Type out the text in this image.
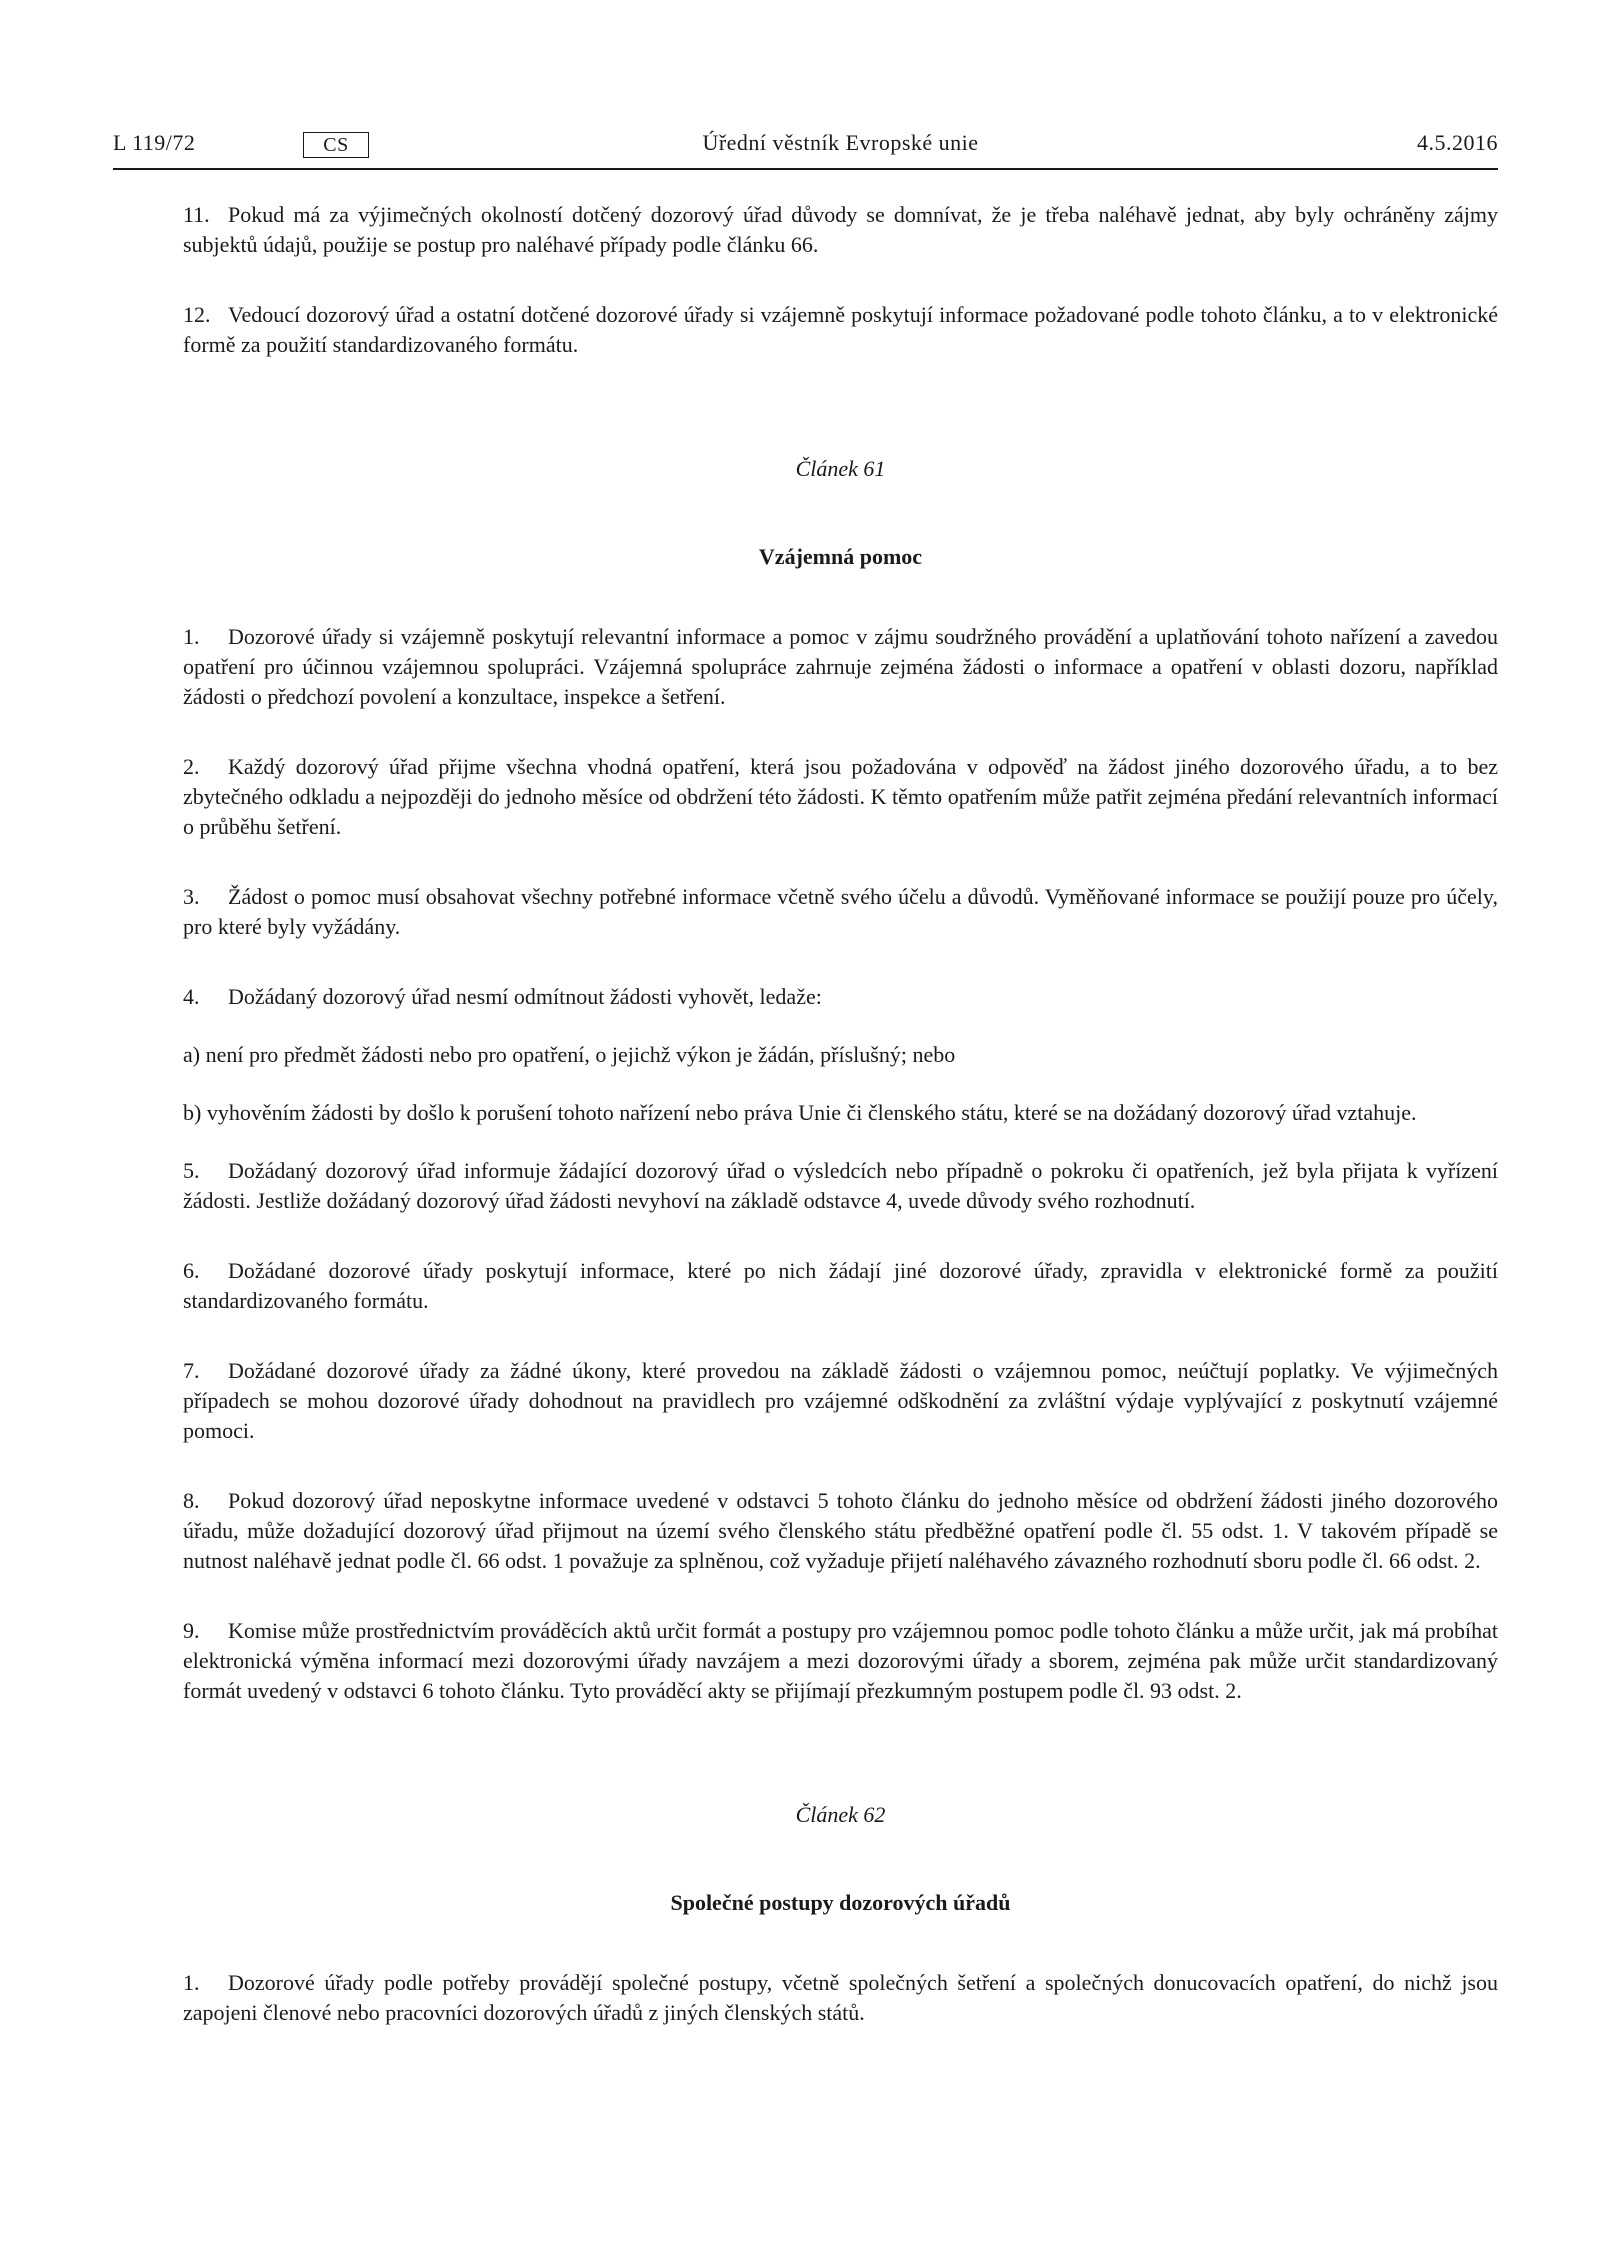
L 119/72	CS	Úřední věstník Evropské unie	4.5.2016

11. Pokud má za výjimečných okolností dotčený dozorový úřad důvody se domnívat, že je třeba naléhavě jednat, aby byly ochráněny zájmy subjektů údajů, použije se postup pro naléhavé případy podle článku 66.

12. Vedoucí dozorový úřad a ostatní dotčené dozorové úřady si vzájemně poskytují informace požadované podle tohoto článku, a to v elektronické formě za použití standardizovaného formátu.

Článek 61

Vzájemná pomoc

1. Dozorové úřady si vzájemně poskytují relevantní informace a pomoc v zájmu soudržného provádění a uplatňování tohoto nařízení a zavedou opatření pro účinnou vzájemnou spolupráci. Vzájemná spolupráce zahrnuje zejména žádosti o informace a opatření v oblasti dozoru, například žádosti o předchozí povolení a konzultace, inspekce a šetření.

2. Každý dozorový úřad přijme všechna vhodná opatření, která jsou požadována v odpověď na žádost jiného dozorového úřadu, a to bez zbytečného odkladu a nejpozději do jednoho měsíce od obdržení této žádosti. K těmto opatřením může patřit zejména předání relevantních informací o průběhu šetření.

3. Žádost o pomoc musí obsahovat všechny potřebné informace včetně svého účelu a důvodů. Vyměňované informace se použijí pouze pro účely, pro které byly vyžádány.

4. Dožádaný dozorový úřad nesmí odmítnout žádosti vyhovět, ledaže:

a) není pro předmět žádosti nebo pro opatření, o jejichž výkon je žádán, příslušný; nebo

b) vyhověním žádosti by došlo k porušení tohoto nařízení nebo práva Unie či členského státu, které se na dožádaný dozorový úřad vztahuje.

5. Dožádaný dozorový úřad informuje žádající dozorový úřad o výsledcích nebo případně o pokroku či opatřeních, jež byla přijata k vyřízení žádosti. Jestliže dožádaný dozorový úřad žádosti nevyhoví na základě odstavce 4, uvede důvody svého rozhodnutí.

6. Dožádané dozorové úřady poskytují informace, které po nich žádají jiné dozorové úřady, zpravidla v elektronické formě za použití standardizovaného formátu.

7. Dožádané dozorové úřady za žádné úkony, které provedou na základě žádosti o vzájemnou pomoc, neúčtují poplatky. Ve výjimečných případech se mohou dozorové úřady dohodnout na pravidlech pro vzájemné odškodnění za zvláštní výdaje vyplývající z poskytnutí vzájemné pomoci.

8. Pokud dozorový úřad neposkytne informace uvedené v odstavci 5 tohoto článku do jednoho měsíce od obdržení žádosti jiného dozorového úřadu, může dožadující dozorový úřad přijmout na území svého členského státu předběžné opatření podle čl. 55 odst. 1. V takovém případě se nutnost naléhavě jednat podle čl. 66 odst. 1 považuje za splněnou, což vyžaduje přijetí naléhavého závazného rozhodnutí sboru podle čl. 66 odst. 2.

9. Komise může prostřednictvím prováděcích aktů určit formát a postupy pro vzájemnou pomoc podle tohoto článku a může určit, jak má probíhat elektronická výměna informací mezi dozorovými úřady navzájem a mezi dozorovými úřady a sborem, zejména pak může určit standardizovaný formát uvedený v odstavci 6 tohoto článku. Tyto prováděcí akty se přijímají přezkumným postupem podle čl. 93 odst. 2.

Článek 62

Společné postupy dozorových úřadů

1. Dozorové úřady podle potřeby provádějí společné postupy, včetně společných šetření a společných donucovacích opatření, do nichž jsou zapojeni členové nebo pracovníci dozorových úřadů z jiných členských států.
